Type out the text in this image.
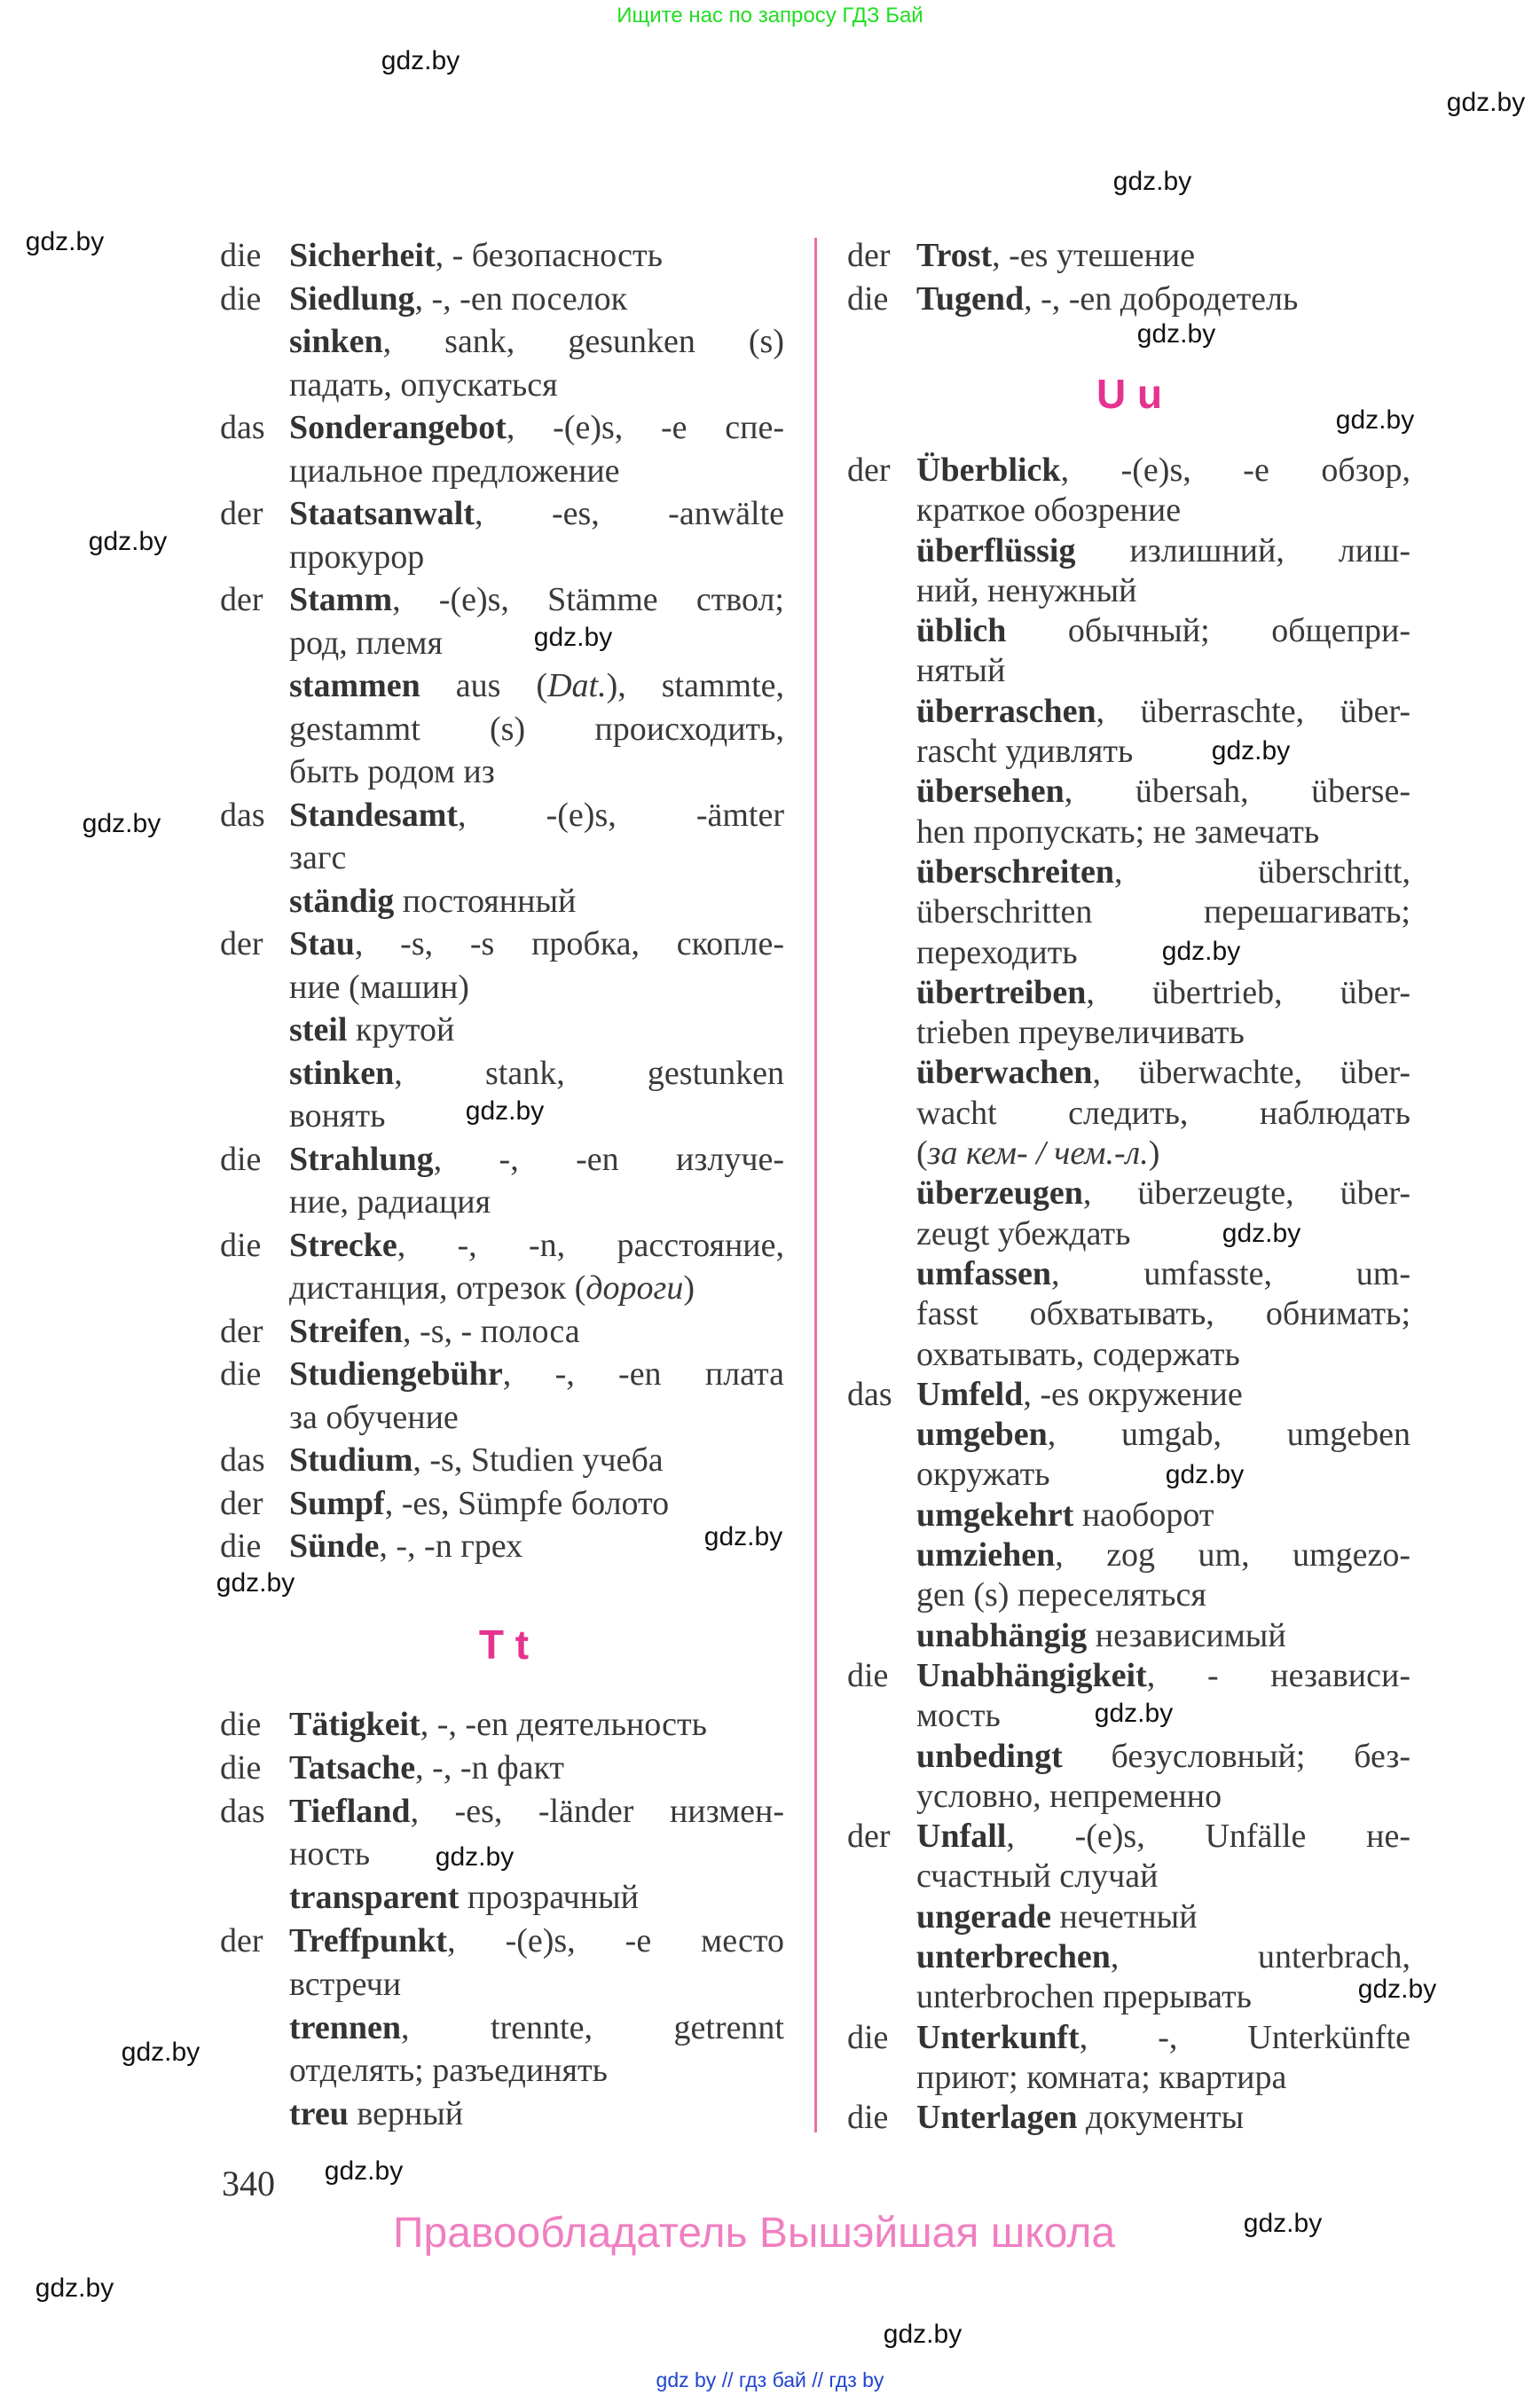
Ищите нас по запросу ГДЗ Бай
gdz.by
gdz.by
gdz.by
gdz.by
gdz.by
gdz.by
gdz.by
gdz.by
gdz.by
gdz.by
gdz.by
gdz.by
gdz.by
gdz.by
gdz.by
gdz.by
gdz.by
gdz.by
gdz.by
gdz.by
gdz.by
gdz.by
gdz.by
gdz.by
die Sicherheit, - безопасность
die Siedlung, -, -en поселок
sinken, sank, gesunken (s)
падать, опускаться
das Sonderangebot, -(e)s, -e спе-
циальное предложение
der Staatsanwalt, -es, -anwälte
прокурор
der Stamm, -(e)s, Stämme ствол;
род, племя
stammen aus (Dat.), stammte,
gestammt (s) происходить,
быть родом из
das Standesamt, -(e)s, -ämter
загс
ständig постоянный
der Stau, -s, -s пробка, скопле-
ние (машин)
steil крутой
stinken, stank, gestunken
вонять
die Strahlung, -, -en излуче-
ние, радиация
die Strecke, -, -n, расстояние,
дистанция, отрезок (дороги)
der Streifen, -s, - полоса
die Studiengebühr, -, -en плата
за обучение
das Studium, -s, Studien учеба
der Sumpf, -es, Sümpfe болото
die Sünde, -, -n грех
T t
die Tätigkeit, -, -en деятельность
die Tatsache, -, -n факт
das Tiefland, -es, -länder низмен-
ность
transparent прозрачный
der Treffpunkt, -(e)s, -e место
встречи
trennen, trennte, getrennt
отделять; разъединять
treu верный
der Trost, -es утешение
die Tugend, -, -en добродетель
U u
der Überblick, -(e)s, -e обзор,
краткое обозрение
überflüssig излишний, лиш-
ний, ненужный
üblich обычный; общепри-
нятый
überraschen, überraschte, über-
rascht удивлять
übersehen, übersah, überse-
hen пропускать; не замечать
überschreiten, überschritt,
überschritten перешагивать;
переходить
übertreiben, übertrieb, über-
trieben преувеличивать
überwachen, überwachte, über-
wacht следить, наблюдать
(за кем- / чем.-л.)
überzeugen, überzeugte, über-
zeugt убеждать
umfassen, umfasste, um-
fasst обхватывать, обнимать;
охватывать, содержать
das Umfeld, -es окружение
umgeben, umgab, umgeben
окружать
umgekehrt наоборот
umziehen, zog um, umgezo-
gen (s) переселяться
unabhängig независимый
die Unabhängigkeit, - независи-
мость
unbedingt безусловный; без-
условно, непременно
der Unfall, -(e)s, Unfälle не-
счастный случай
ungerade нечетный
unterbrechen, unterbrach,
unterbrochen прерывать
die Unterkunft, -, Unterkünfte
приют; комната; квартира
die Unterlagen документы
340
Правообладатель Вышэйшая школа
gdz by // гдз бай // гдз by
